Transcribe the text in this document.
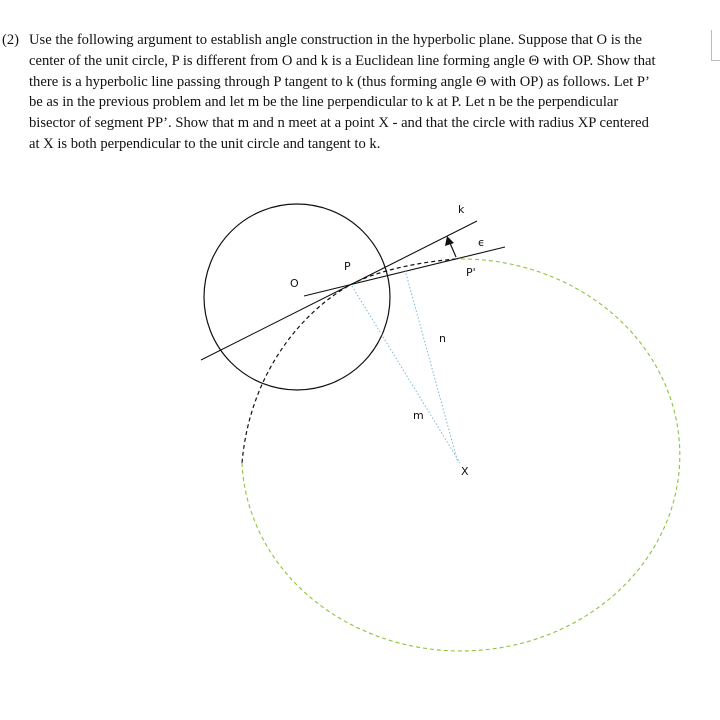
(2) Use the following argument to establish angle construction in the hyperbolic plane. Suppose that O is the
center of the unit circle, P is different from O and k is a Euclidean line forming angle Θ with OP. Show that
there is a hyperbolic line passing through P tangent to k (thus forming angle Θ with OP) as follows. Let P’
be as in the previous problem and let m be the line perpendicular to k at P. Let n be the perpendicular
bisector of segment PP’. Show that m and n meet at a point X - and that the circle with radius XP centered
at X is both perpendicular to the unit circle and tangent to k.
O
P	P'
k
ϵ
n
m
X
